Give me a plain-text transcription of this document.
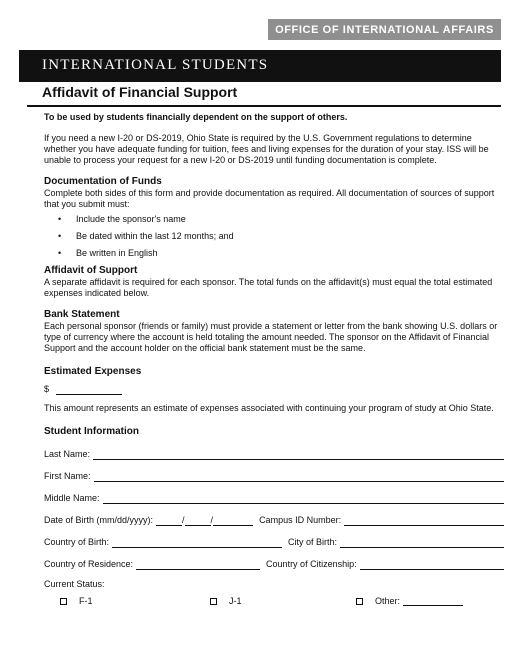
OFFICE OF INTERNATIONAL AFFAIRS
INTERNATIONAL STUDENTS
Affidavit of Financial Support
To be used by students financially dependent on the support of others.
If you need a new I-20 or DS-2019, Ohio State is required by the U.S. Government regulations to determine whether you have adequate funding for tuition, fees and living expenses for the duration of your stay. ISS will be unable to process your request for a new I-20 or DS-2019 until funding documentation is complete.
Documentation of Funds
Complete both sides of this form and provide documentation as required. All documentation of sources of support that you submit must:
• Include the sponsor's name
• Be dated within the last 12 months; and
• Be written in English
Affidavit of Support
A separate affidavit is required for each sponsor. The total funds on the affidavit(s) must equal the total estimated expenses indicated below.
Bank Statement
Each personal sponsor (friends or family) must provide a statement or letter from the bank showing U.S. dollars or type of currency where the account is held totaling the amount needed. The sponsor on the Affidavit of Financial Support and the account holder on the official bank statement must be the same.
Estimated Expenses
$
This amount represents an estimate of expenses associated with continuing your program of study at Ohio State.
Student Information
Last Name:
First Name:
Middle Name:
Date of Birth (mm/dd/yyyy):	/	/	Campus ID Number:
Country of Birth:	City of Birth:
Country of Residence:	Country of Citizenship:
Current Status:
F-1	J-1	Other:
